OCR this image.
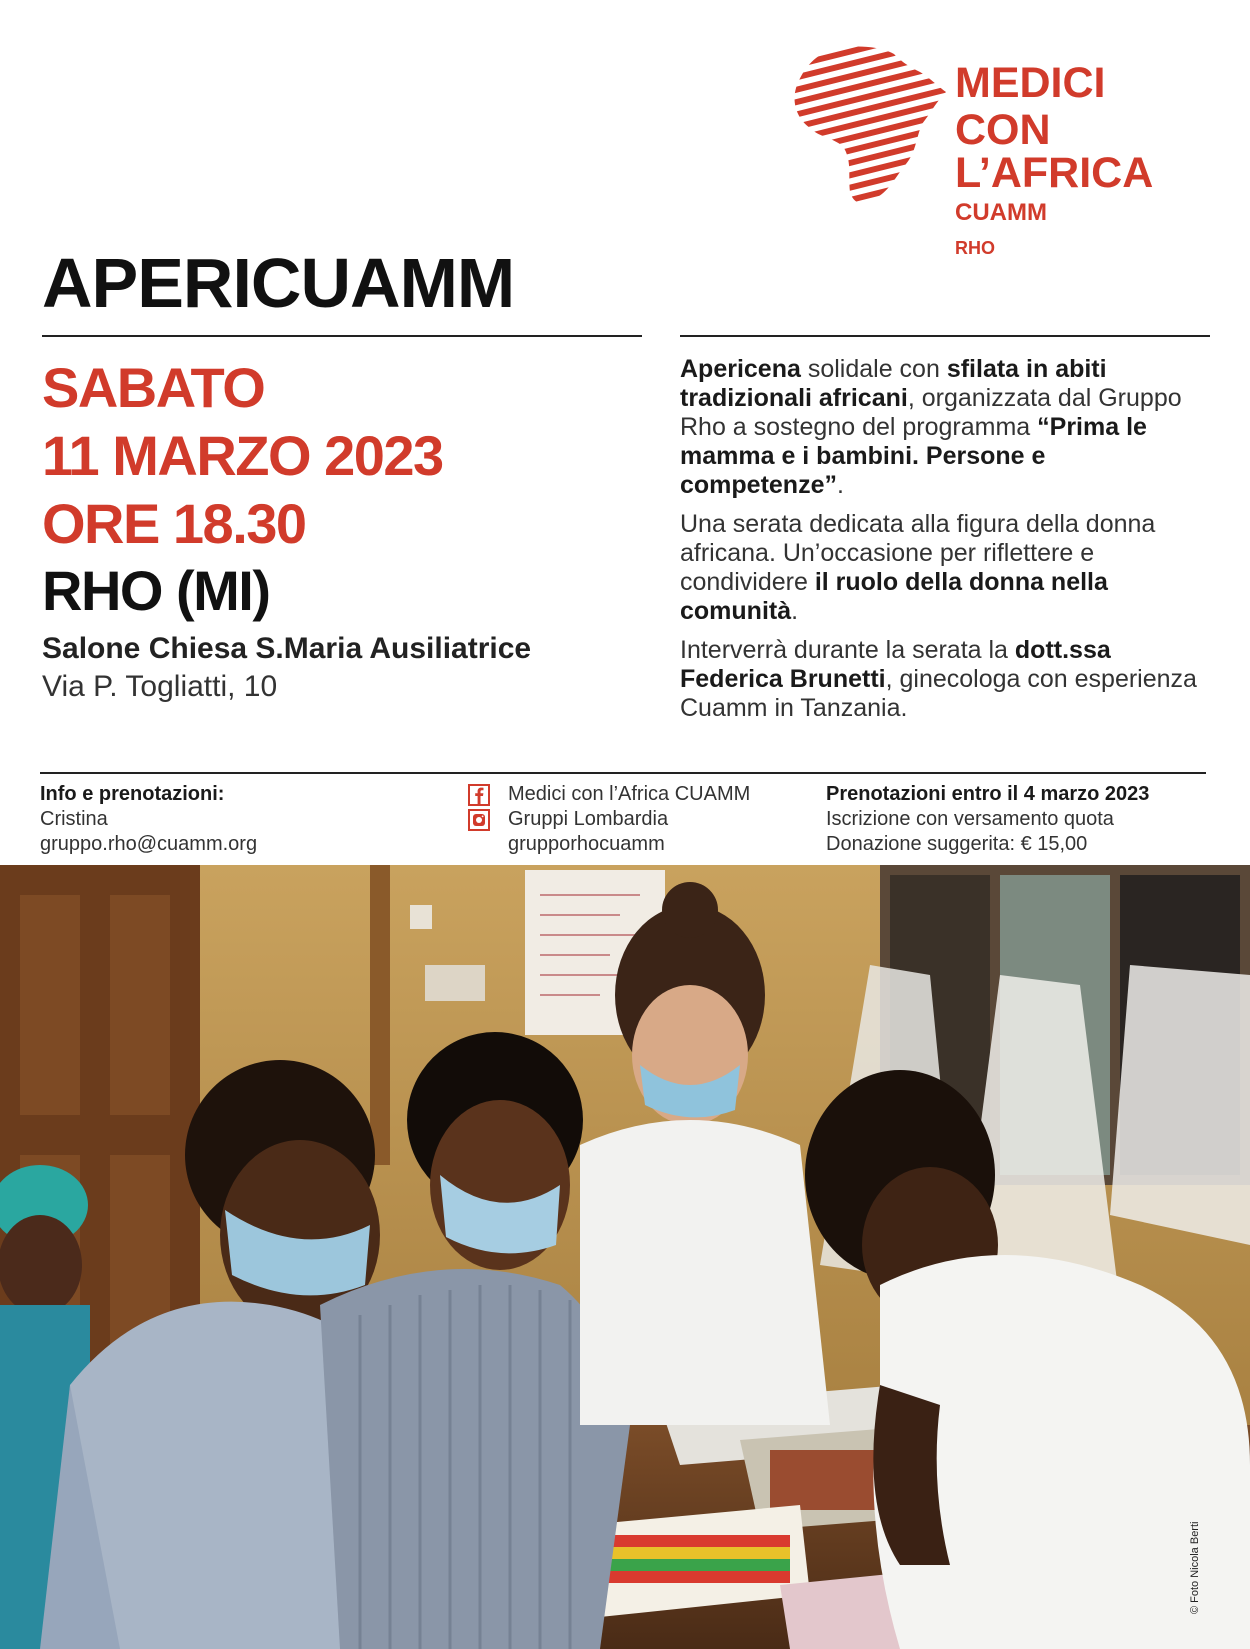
MEDICI
CON L’AFRICA
CUAMM
RHO
APERICUAMM
SABATO
11 MARZO 2023
ORE 18.30
RHO (MI)
Salone Chiesa S.Maria Ausiliatrice
Via P. Togliatti, 10

Apericena solidale con sfilata in abiti tradizionali africani, organizzata dal Gruppo Rho a sostegno del programma “Prima le mamma e i bambini. Persone e competenze”.

Una serata dedicata alla figura della donna africana. Un’occasione per riflettere e condividere il ruolo della donna nella comunità.

Interverrà durante la serata la dott.ssa Federica Brunetti, ginecologa con esperienza Cuamm in Tanzania.

Info e prenotazioni:
Cristina
gruppo.rho@cuamm.org
Medici con l’Africa CUAMM
Gruppi Lombardia
grupporhocuamm
Prenotazioni entro il 4 marzo 2023
Iscrizione con versamento quota
Donazione suggerita: € 15,00
© Foto Nicola Berti
